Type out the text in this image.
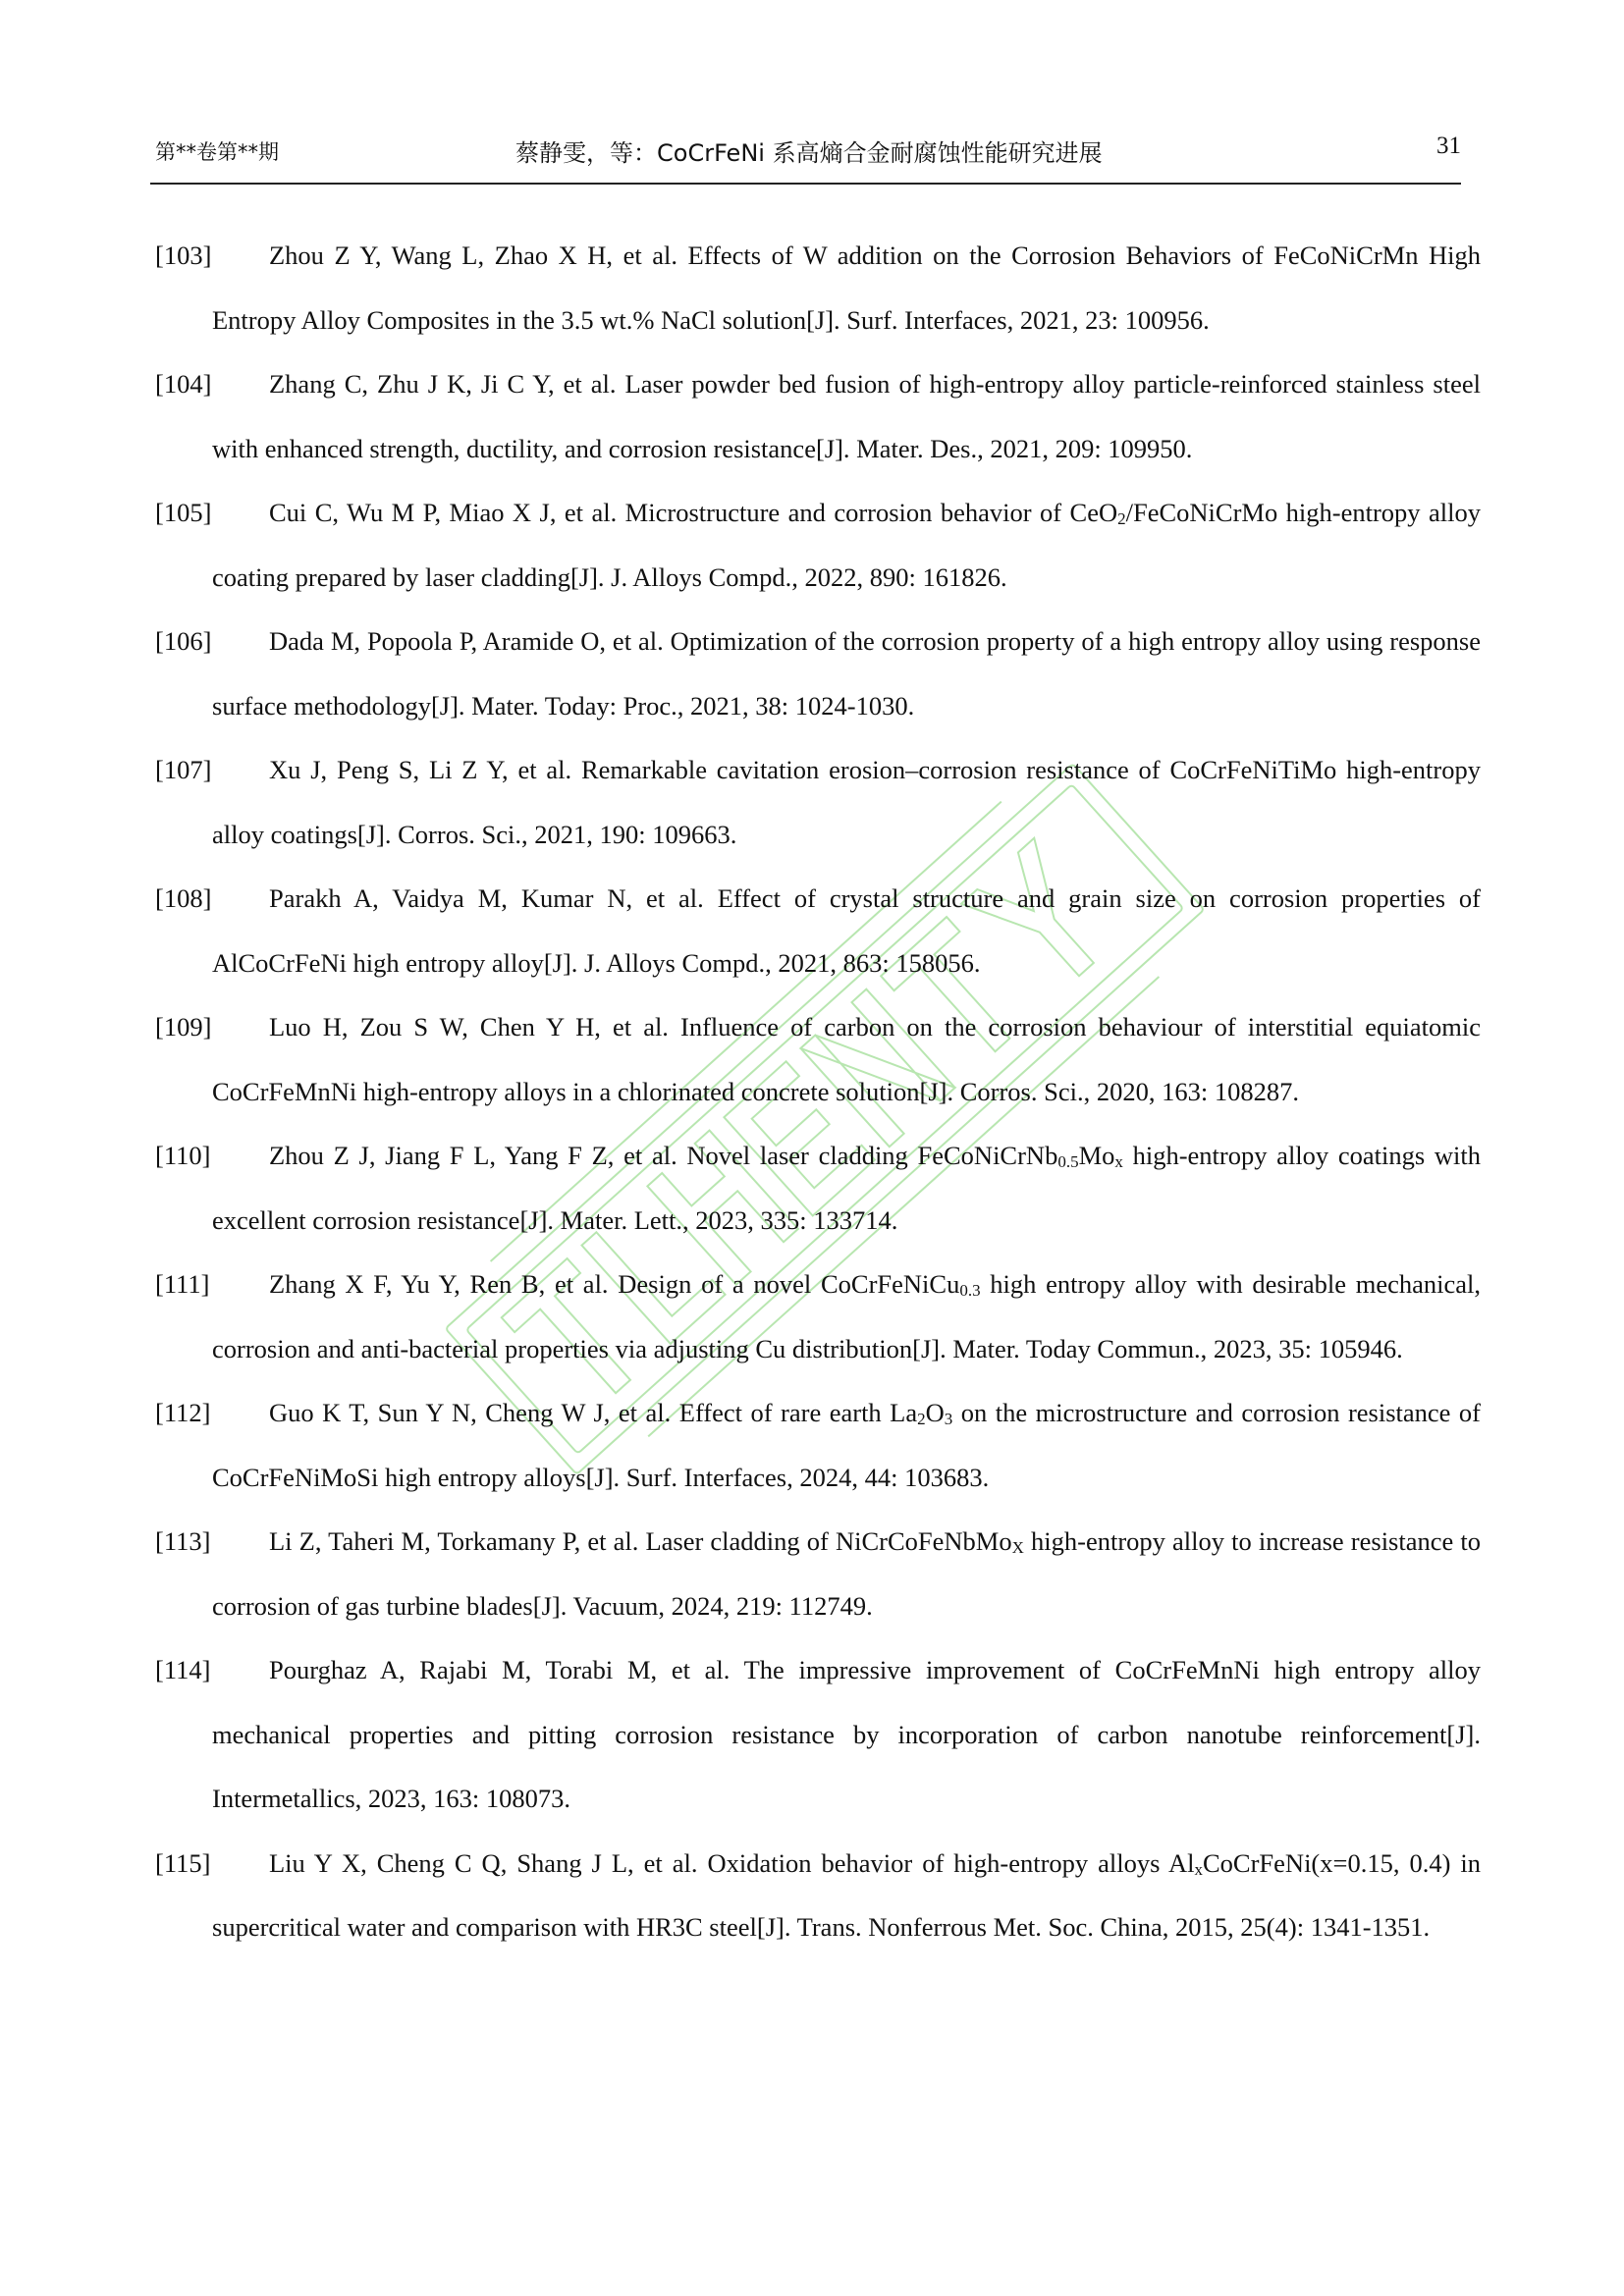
第**卷第**期	蔡静雯，等：CoCrFeNi 系高熵合金耐腐蚀性能研究进展	31
[103]	Zhou Z Y, Wang L, Zhao X H, et al. Effects of W addition on the Corrosion Behaviors of FeCoNiCrMn High Entropy Alloy Composites in the 3.5 wt.% NaCl solution[J]. Surf. Interfaces, 2021, 23: 100956.
[104]	Zhang C, Zhu J K, Ji C Y, et al. Laser powder bed fusion of high-entropy alloy particle-reinforced stainless steel with enhanced strength, ductility, and corrosion resistance[J]. Mater. Des., 2021, 209: 109950.
[105]	Cui C, Wu M P, Miao X J, et al. Microstructure and corrosion behavior of CeO$_2$/FeCoNiCrMo high-entropy alloy coating prepared by laser cladding[J]. J. Alloys Compd., 2022, 890: 161826.
[106]	Dada M, Popoola P, Aramide O, et al. Optimization of the corrosion property of a high entropy alloy using response surface methodology[J]. Mater. Today: Proc., 2021, 38: 1024-1030.
[107]	Xu J, Peng S, Li Z Y, et al. Remarkable cavitation erosion–corrosion resistance of CoCrFeNiTiMo high-entropy alloy coatings[J]. Corros. Sci., 2021, 190: 109663.
[108]	Parakh A, Vaidya M, Kumar N, et al. Effect of crystal structure and grain size on corrosion properties of AlCoCrFeNi high entropy alloy[J]. J. Alloys Compd., 2021, 863: 158056.
[109]	Luo H, Zou S W, Chen Y H, et al. Influence of carbon on the corrosion behaviour of interstitial equiatomic CoCrFeMnNi high-entropy alloys in a chlorinated concrete solution[J]. Corros. Sci., 2020, 163: 108287.
[110]	Zhou Z J, Jiang F L, Yang F Z, et al. Novel laser cladding $FeCoNiCrNb_{0.5}Mo_x$ high-entropy alloy coatings with excellent corrosion resistance[J]. Mater. Lett., 2023, 335: 133714.
[111]	Zhang X F, Yu Y, Ren B, et al. Design of a novel CoCrFeNiCu$_{0.3}$ high entropy alloy with desirable mechanical, corrosion and anti-bacterial properties via adjusting Cu distribution[J]. Mater. Today Commun., 2023, 35: 105946.
[112]	Guo K T, Sun Y N, Cheng W J, et al. Effect of rare earth $La_2O_3$ on the microstructure and corrosion resistance of CoCrFeNiMoSi high entropy alloys[J]. Surf. Interfaces, 2024, 44: 103683.
[113]	Li Z, Taheri M, Torkamany P, et al. Laser cladding of NiCrCoFeNbMo$_X$ high-entropy alloy to increase resistance to corrosion of gas turbine blades[J]. Vacuum, 2024, 219: 112749.
[114]	Pourghaz A, Rajabi M, Torabi M, et al. The impressive improvement of CoCrFeMnNi high entropy alloy mechanical properties and pitting corrosion resistance by incorporation of carbon nanotube reinforcement[J]. Intermetallics, 2023, 163: 108073.
[115]	Liu Y X, Cheng C Q, Shang J L, et al. Oxidation behavior of high-entropy alloys $Al_xCoCrFeNi(x=0.15$, 0.4) in supercritical water and comparison with HR3C steel[J]. Trans. Nonferrous Met. Soc. China, 2015, 25(4): 1341-1351.
